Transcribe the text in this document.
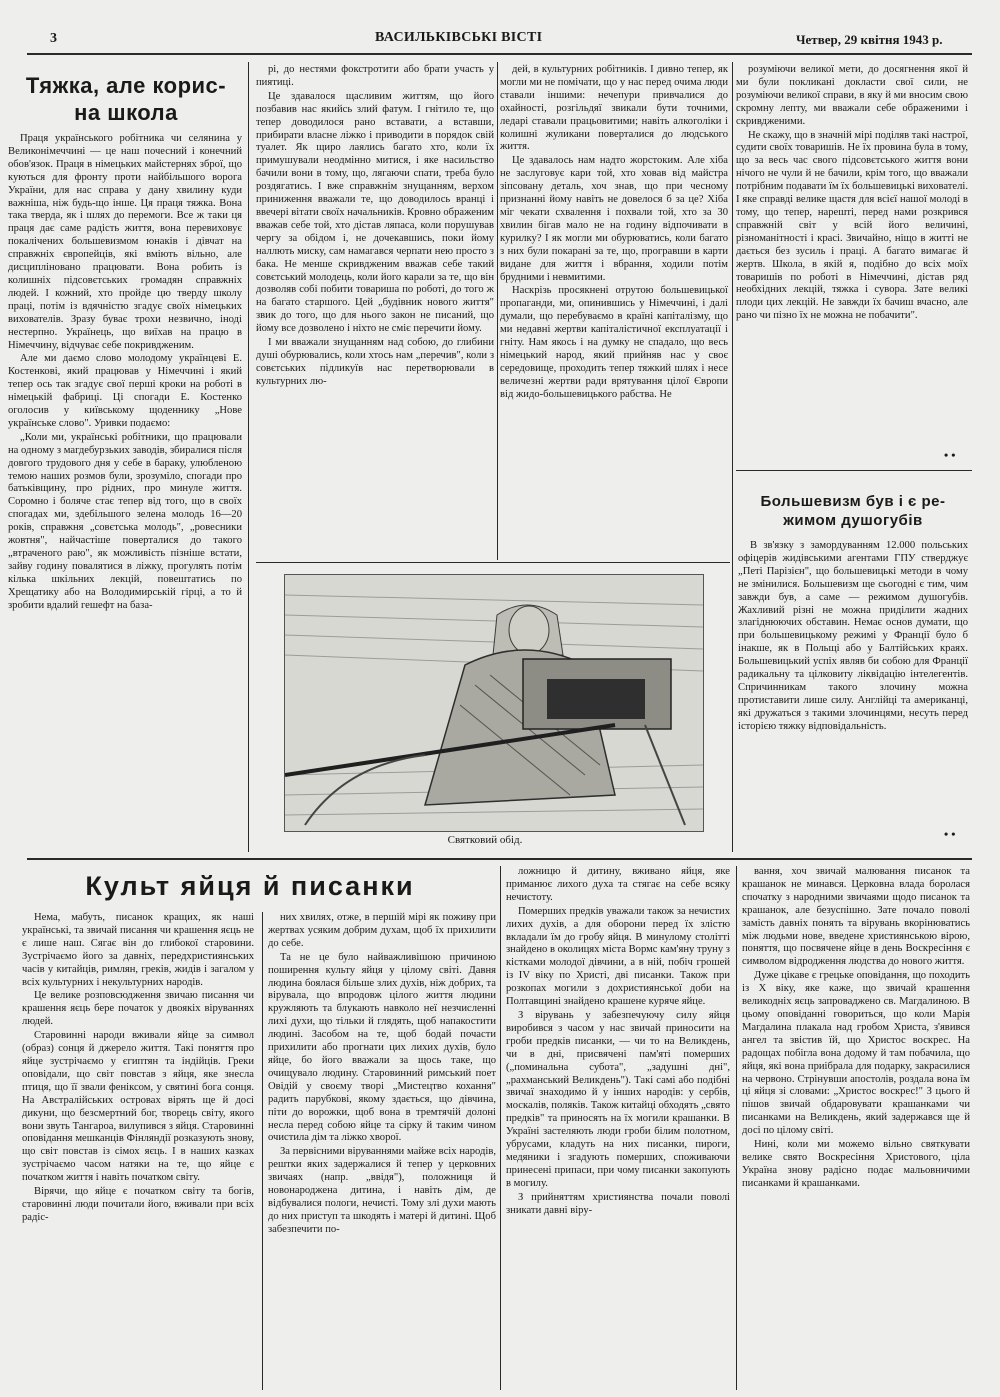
3	ВАСИЛЬКІВСЬКІ ВІСТІ	Четвер, 29 квітня 1943 р.
Тяжка, але корис-
на школа

Праця українського робітника чи селянина у Великонімеччині — це наш почесний і конечний обов'язок. Праця в німецьких майстернях зброї, що куються для фронту проти найбільшого ворога України, для нас справа у дану хвилину куди важніша, ніж будь-що інше. Ця праця тяжка. Вона така тверда, як і шлях до перемоги. Все ж таки ця праця дає саме радість життя, вона перевиховує покалічених большевизмом юнаків і дівчат на справжніх європейців, які вміють вільно, але дисципліновано працювати. Вона робить із колишніх підсовєтських громадян справжніх людей. І кожний, хто пройде цю тверду школу праці, потім із вдячністю згадує своїх німецьких вихователів. Зразу буває трохи незвично, іноді нестерпно. Українець, що виїхав на працю в Німеччину, відчуває себе покривдженим.

Але ми даємо слово молодому українцеві Е. Костенкові, який працював у Німеччині і який тепер ось так згадує свої перші кроки на роботі в німецькій фабриці. Ці спогади Е. Костенко оголосив у київському щоденнику „Нове українське слово". Уривки подаємо:

„Коли ми, українські робітники, що працювали на одному з магдебурзьких заводів, збиралися після довгого трудового дня у себе в бараку, улюбленою темою наших розмов були, зрозуміло, спогади про батьківщину, про рідних, про минуле життя. Соромно і боляче стає тепер від того, що в своїх спогадах ми, здебільшого зелена молодь 16—20 років, справжня „совєтська молодь", „ровесники жовтня", найчастіше поверталися до такого „втраченого раю", як можливість пізніше встати, зайву годину повалятися в ліжку, прогулять потім кілька шкільних лекцій, повештатись по Хрещатику або на Володимирській гірці, а то й зробити вдалий гешефт на база-

рі, до нестями фокстротити або брати участь у пиятиці.

Це здавалося щасливим життям, що його позбавив нас якийсь злий фатум. І гнітило те, що тепер доводилося рано вставати, а вставши, прибирати власне ліжко і приводити в порядок свій туалет. Як щиро лаялись багато хто, коли їх примушували неодмінно митися, і яке насильство бачили вони в тому, що, лягаючи спати, треба було роздягатись. І вже справжнім знущанням, верхом приниження вважали те, що доводилось вранці і ввечері вітати своїх начальників. Кровно ображеним вважав себе той, хто дістав ляпаса, коли порушував чергу за обідом і, не дочекавшись, поки йому наллють миску, сам намагався черпати нею просто з бака. Не менше скривдженим вважав себе такий совєтський молодець, коли його карали за те, що він дозволяв собі побити товариша по роботі, до того ж на багато старшого. Цей „будівник нового життя" звик до того, що для нього закон не писаний, що йому все дозволено і ніхто не сміє перечити йому.

І ми вважали знущанням над собою, до глибини душі обурювались, коли хтось нам „перечив", коли з совєтських підликуїв нас перетворювали в культурних лю-

дей, в культурних робітників. І дивно тепер, як могли ми не помічати, що у нас перед очима люди ставали іншими: нечепури привчалися до охайності, розгільдяї звикали бути точними, ледарі ставали працьовитими; навіть алкоголіки і колишні жуликани поверталися до людського життя.

Це здавалось нам надто жорстоким. Але хіба не заслуговує кари той, хто ховав від майстра зіпсовану деталь, хоч знав, що при чесному признанні йому навіть не довелося б за це? Хіба міг чекати схвалення і похвали той, хто за 30 хвилин бігав мало не на годину відпочивати в курилку? І як могли ми обурюватись, коли багато з них були покарані за те, що, програвши в карти видане для життя і вбрання, ходили потім брудними і невмитими.

Наскрізь просякнені отрутою большевицької пропаганди, ми, опинившись у Німеччині, і далі думали, що перебуваємо в країні капіталізму, що ми недавні жертви капіталістичної експлуатації і гніту. Нам якось і на думку не спадало, що весь німецький народ, який прийняв нас у своє середовище, проходить тепер тяжкий шлях і несе величезні жертви ради врятування цілої Європи від жидо-большевицького рабства. Не

розуміючи великої мети, до досягнення якої й ми були покликані докласти свої сили, не розуміючи великої справи, в яку й ми вносим свою скромну лепту, ми вважали себе ображеними і скривдженими.

Не скажу, що в значній мірі поділяв такі настрої, судити своїх товаришів. Не їх провина була в тому, що за весь час свого підсовєтського життя вони нічого не чули й не бачили, крім того, що вважали потрібним подавати їм їх большевицькі вихователі. І яке справді велике щастя для всієї нашої молоді в тому, що тепер, нарешті, перед нами розкрився справжній світ у всій його величині, різноманітності і красі. Звичайно, ніщо в житті не дається без зусиль і праці. А багато вимагає й жертв. Школа, в якій я, подібно до всіх моїх товаришів по роботі в Німеччині, дістав ряд необхідних лекцій, тяжка і сувора. Зате великі плоди цих лекцій. Не завжди їх бачиш вчасно, але рано чи пізно їх не можна не побачити".

• •
Большевизм був і є ре-
жимом душогубів

В зв'язку з замордуванням 12.000 польських офіцерів жидівськими агентами ГПУ стверджує „Петі Парізієн", що большевицькі методи в чому не змінилися. Большевизм ще сьогодні є тим, чим завжди був, а саме — режимом душогубів. Жахливий різні не можна приділити жадних злагіднюючих обставин. Немає основ думати, що при большевицькому режимі у Франції було б інакше, як в Польщі або у Балтійських краях. Большевицький успіх являв би собою для Франції радикальну та цілковиту ліквідацію інтелегентів. Спричинникам такого злочину можна протиставити лише силу. Англійці та американці, які дружаться з такими злочинцями, несуть перед історією тяжку відповідальність.

• •
Святковий обід.
Культ яйця й писанки

Нема, мабуть, писанок кращих, як наші українські, та звичай писання чи крашення яєць не є лише наш. Сягає він до глибокої старовини. Зустрічаємо його за давніх, передхристиянських часів у китайців, римлян, греків, жидів і загалом у всіх культурних і некультурних народів.

Це велике розповсюдження звичаю писання чи крашення яєць бере початок у двоякіх віруваннях людей.

Старовинні народи вживали яйце за символ (образ) сонця й джерело життя. Такі поняття про яйце зустрічаємо у єгиптян та індійців. Греки оповідали, що світ повстав з яйця, яке знесла птиця, що її звали феніксом, у святині бога сонця. На Австралійських островах вірять ще й досі дикуни, що безсмертний бог, творець світу, якого вони звуть Тангароа, вилупився з яйця. Старовинні оповідання мешканців Фінляндії розказують знову, що світ повстав із сімох яєць. І в наших казках зустрічаємо часом натяки на те, що яйце є початком життя і навіть початком світу.

Вірячи, що яйце є початком світу та богів, старовинні люди почитали його, вживали при всіх радіс-

них хвилях, отже, в першій мірі як поживу при жертвах усяким добрим духам, щоб їх прихилити до себе.

Та не це було найважливішою причиною поширення культу яйця у цілому світі. Давня людина боялася більше злих духів, ніж добрих, та вірувала, що впродовж цілого життя людини кружляють та блукають навколо неї незчисленні лихі духи, що тільки й глядять, щоб напакостити людині. Засобом на те, щоб бодай почасти прихилити або прогнати цих лихих духів, було яйце, бо його вважали за щось таке, що очищувало людину. Старовинний римський поет Овідій у своєму творі „Мистецтво кохання" радить парубкові, якому здається, що дівчина, піти до ворожки, щоб вона в тремтячій долоні несла перед собою яйце та сірку й таким чином очистила дім та ліжко хворої.

За первісними віруваннями майже всіх народів, рештки яких задержалися й тепер у церковних звичаях (напр. „ввідя"), положниця й новонароджена дитина, і навіть дім, де відбувалися пологи, нечисті. Тому злі духи мають до них приступ та шкодять і матері й дитині. Щоб забезпечити по-

ложницю й дитину, вживано яйця, яке приманює лихого духа та стягає на себе всяку нечистоту.

Померших предків уважали також за нечистих лихих духів, а для оборони перед їх злістю вкладали їм до гробу яйця. В минулому столітті знайдено в околицях міста Вормс кам'яну труну з кістками молодої дівчини, а в ній, побіч грошей із IV віку по Христі, дві писанки. Також при розкопах могили з дохристиянської доби на Полтавщині знайдено крашене куряче яйце.

З вірувань у забезпечуючу силу яйця виробився з часом у нас звичай приносити на гроби предків писанки, — чи то на Великдень, чи в дні, присвячені пам'яті померших („поминальна субота", „задушні дні", „рахманський Великдень"). Такі самі або подібні звичаї знаходимо й у інших народів: у сербів, москалів, поляків. Також китайці обходять „свято предків" та приносять на їх могили крашанки. В Україні застеляють люди гроби білим полотном, убрусами, кладуть на них писанки, пироги, медяники і згадують померших, споживаючи принесені припаси, при чому писанки закопують в могилу.

З прийняттям християнства почали поволі зникати давні віру-

вання, хоч звичай малювання писанок та крашанок не минався. Церковна влада боролася спочатку з народними звичаями щодо писанок та крашанок, але безуспішно. Зате почало поволі замість давніх понять та вірувань вкорінюватись між людьми нове, введене християнською вірою, поняття, що посвячене яйце в день Воскресіння є символом відродження людства до нового життя.

Дуже цікаве є грецьке оповідання, що походить із X віку, яке каже, що звичай крашення великодніх яєць запроваджено св. Магдалиною. В цьому оповіданні говориться, що коли Марія Магдалина плакала над гробом Христа, з'явився ангел та звістив їй, що Христос воскрес. На радощах побігла вона додому й там побачила, що яйця, які вона приібрала для подарку, закрасилися на червоно. Стрінувши апостолів, роздала вона їм ці яйця зі словами: „Христос воскрес!" З цього й пішов звичай обдаровувати крашанками чи писанками на Великдень, який задержався ще й досі по цілому світі.

Нині, коли ми можемо вільно святкувати велике свято Воскресіння Христового, ціла Україна знову радісно подає мальовничими писанками й крашанками.
